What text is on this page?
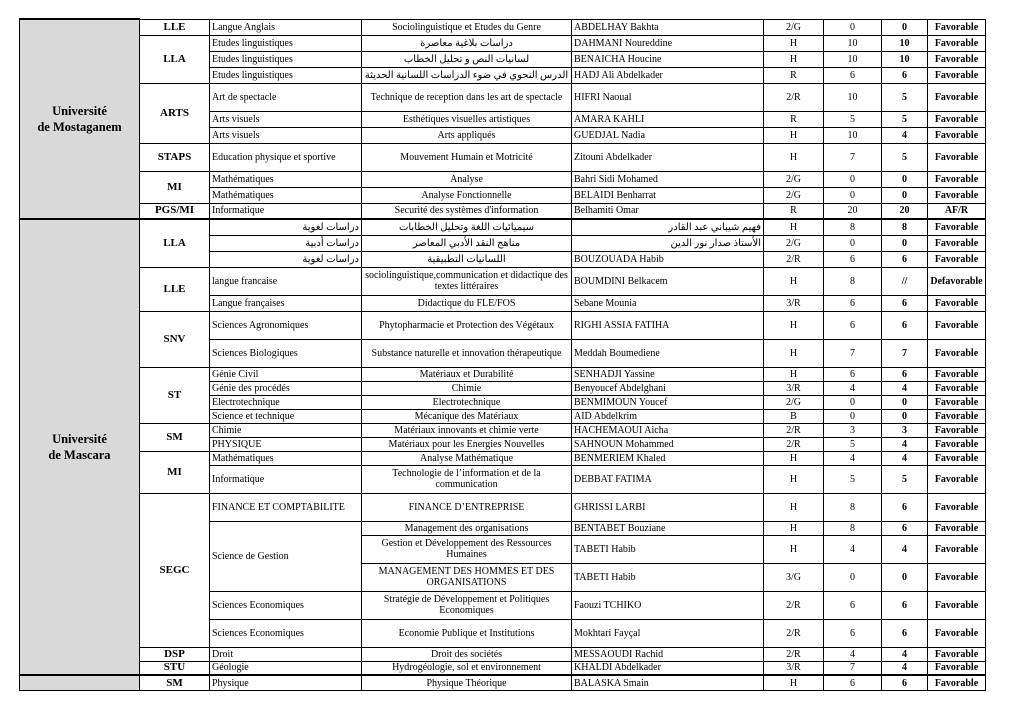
Université
de Mostaganem	LLE	Langue Anglais	Sociolinguistique et Etudes du Genre	ABDELHAY Bakhta	2/G	0	0	Favorable
	LLA	Etudes linguistiques	دراسات بلاغية معاصرة	DAHMANI Noureddine	H	10	10	Favorable
		Etudes linguistiques	لسانيات النص و تحليل الخطاب	BENAICHA Houcine	H	10	10	Favorable
		Etudes linguistiques	الدرس النحوي في ضوء الدراسات اللسانية الحديثة	HADJ Ali Abdelkader	R	6	6	Favorable
	ARTS	Art de spectacle	Technique de reception dans les art de spectacle	HIFRI Naoual	2/R	10	5	Favorable
		Arts visuels	Esthétiques visuelles artistiques	AMARA KAHLI	R	5	5	Favorable
		Arts visuels	Arts appliqués	GUEDJAL Nadia	H	10	4	Favorable
	STAPS	Education physique et sportive	Mouvement Humain et Motricité	Zitouni Abdelkader	H	7	5	Favorable
	MI	Mathématiques	Analyse	Bahri Sidi Mohamed	2/G	0	0	Favorable
		Mathématiques	Analyse Fonctionnelle	BELAIDI Benharrat	2/G	0	0	Favorable
	PGS/MI	Informatique	Securité des systèmes d'information	Belhamiti Omar	R	20	20	AF/R

Université
de Mascara	LLA	دراسات لغوية	سيميائيات اللغة وتحليل الخطابات	فهيم شيباني عبد القادر	H	8	8	Favorable
		دراسات أدبية	مناهج النقد الأدبي المعاصر	الأستاذ صدار نور الدين	2/G	0	0	Favorable
		دراسات لغوية	اللسانيات التطبيقية	BOUZOUADA Habib	2/R	6	6	Favorable
	LLE	langue francaise	sociolinguistique,communication et didactique des textes littéraires	BOUMDINI Belkacem	H	8	//	Defavorable
		Langue françaises	Didactique du FLE/FOS	Sebane Mounia	3/R	6	6	Favorable
	SNV	Sciences Agronomiques	Phytopharmacie et Protection des Végétaux	RIGHI ASSIA FATIHA	H	6	6	Favorable
		Sciences Biologiques	Substance naturelle et innovation thérapeutique	Meddah Boumediene	H	7	7	Favorable
	ST	Génie Civil	Matériaux et Durabilité	SENHADJI Yassine	H	6	6	Favorable
		Génie des procédés	Chimie	Benyoucef Abdelghani	3/R	4	4	Favorable
		Electrotechnique	Electrotechnique	BENMIMOUN Youcef	2/G	0	0	Favorable
		Science et technique	Mécanique des Matériaux	AID Abdelkrim	B	0	0	Favorable
	SM	Chimie	Matériaux innovants et chimie verte	HACHEMAOUI Aicha	2/R	3	3	Favorable
		PHYSIQUE	Matériaux pour les Energies Nouvelles	SAHNOUN Mohammed	2/R	5	4	Favorable
	MI	Mathématiques	Analyse Mathématique	BENMERIEM Khaled	H	4	4	Favorable
		Informatique	Technologie de l’information et de la communication	DEBBAT FATIMA	H	5	5	Favorable
	SEGC	FINANCE ET COMPTABILITE	FINANCE D’ENTREPRISE	GHRISSI LARBI	H	8	6	Favorable
		Science de Gestion	Management des organisations	BENTABET Bouziane	H	8	6	Favorable
			Gestion et Développement des Ressources Humaines	TABETI Habib	H	4	4	Favorable
			MANAGEMENT DES HOMMES ET DES ORGANISATIONS	TABETI Habib	3/G	0	0	Favorable
		Sciences Economiques	Stratégie de Développement et Politiques Economiques	Faouzi TCHIKO	2/R	6	6	Favorable
		Sciences Economiques	Economie Publique et Institutions	Mokhtari Fayçal	2/R	6	6	Favorable
	DSP	Droit	Droit des sociétés	MESSAOUDI Rachid	2/R	4	4	Favorable
	STU	Géologie	Hydrogéologie, sol et environnement	KHALDI Abdelkader	3/R	7	4	Favorable

	SM	Physique	Physique Théorique	BALASKA Smain	H	6	6	Favorable
